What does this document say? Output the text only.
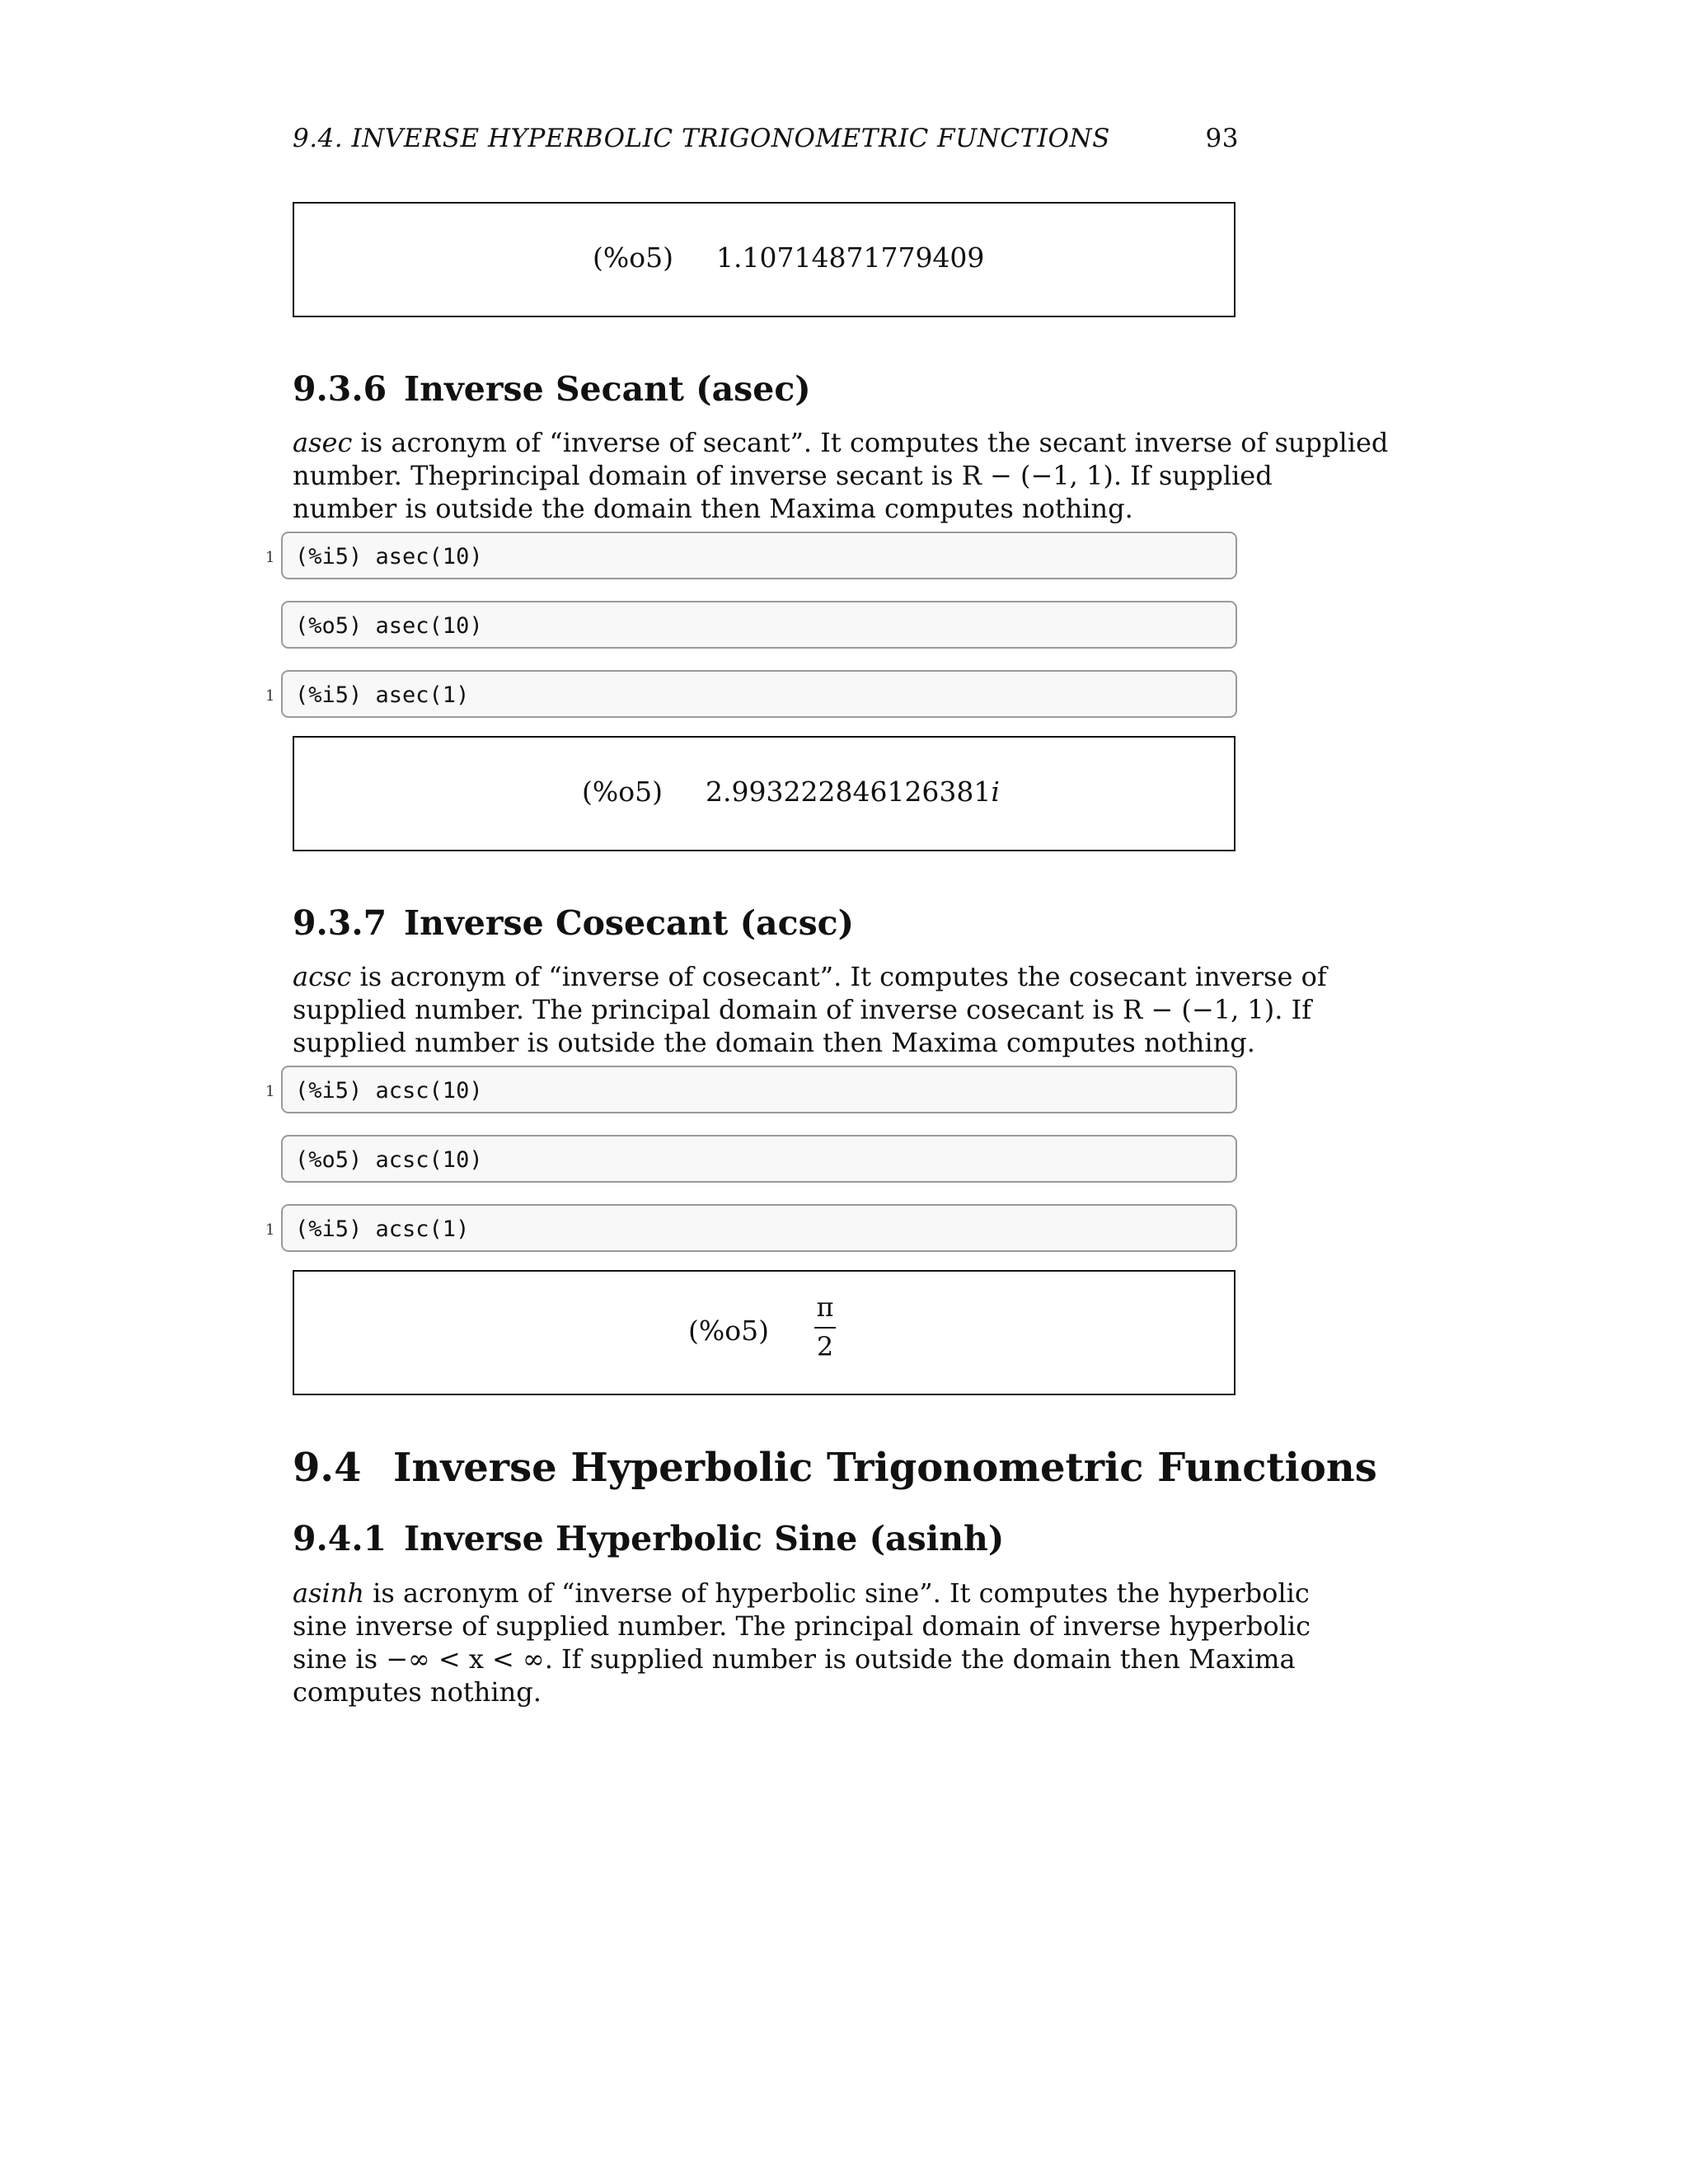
9.4. INVERSE HYPERBOLIC TRIGONOMETRIC FUNCTIONS	93
(%o5) 1.10714871779409
9.3.6 Inverse Secant (asec)
asec is acronym of “inverse of secant”. It computes the secant inverse of supplied
number. Theprincipal domain of inverse secant is R − (−1, 1). If supplied
number is outside the domain then Maxima computes nothing.
1 (%i5) asec(10)
(%o5) asec(10)
1 (%i5) asec(1)
(%o5) 2.993222846126381i
9.3.7 Inverse Cosecant (acsc)
acsc is acronym of “inverse of cosecant”. It computes the cosecant inverse of
supplied number. The principal domain of inverse cosecant is R − (−1, 1). If
supplied number is outside the domain then Maxima computes nothing.
1 (%i5) acsc(10)
(%o5) acsc(10)
1 (%i5) acsc(1)
(%o5)
π
2
9.4 Inverse Hyperbolic Trigonometric Functions
9.4.1 Inverse Hyperbolic Sine (asinh)
asinh is acronym of “inverse of hyperbolic sine”. It computes the hyperbolic
sine inverse of supplied number. The principal domain of inverse hyperbolic
sine is −∞ < x < ∞. If supplied number is outside the domain then Maxima
computes nothing.
